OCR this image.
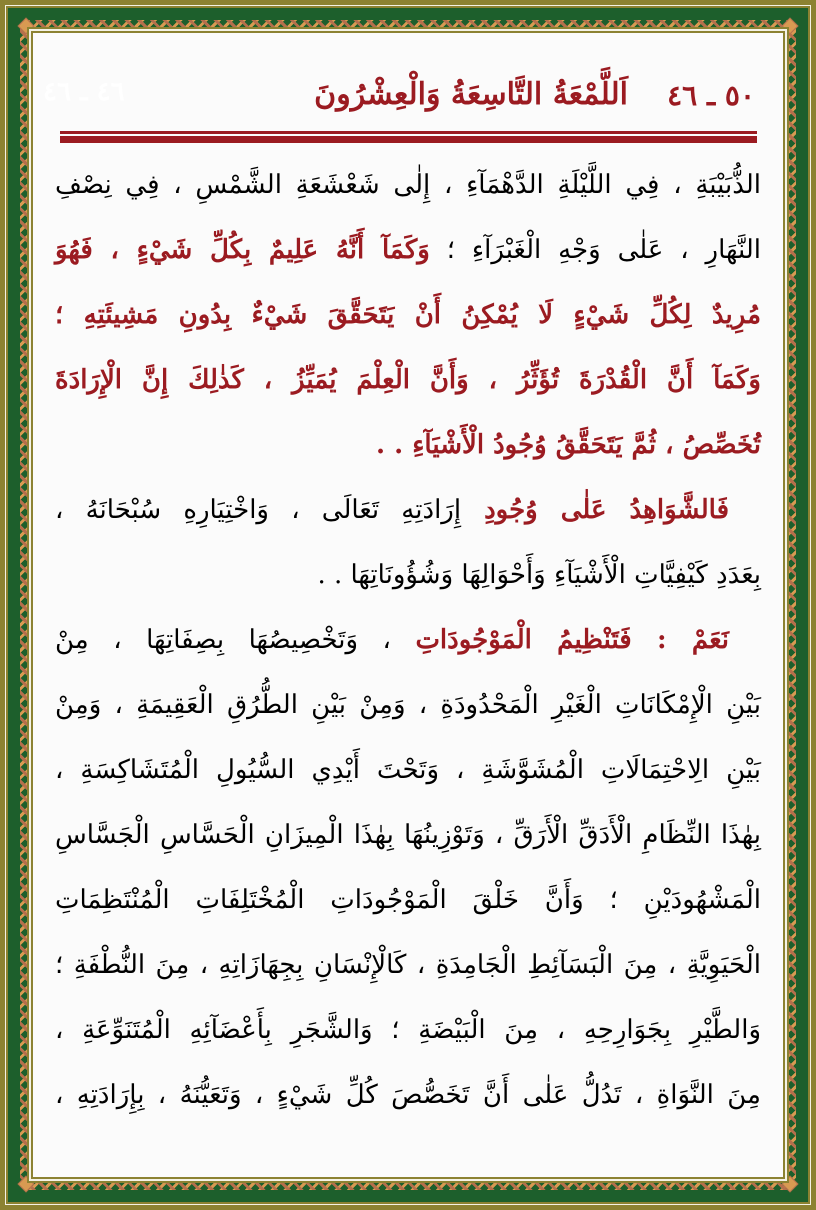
٤٦ ـ ٤٦	اَللَّمْعَةُ التَّاسِعَةُ وَالْعِشْرُونَ ٥٠ ـ ٤٦
الذُّبَيْبَةِ ، فِي اللَّيْلَةِ الدَّهْمَآءِ ، إِلٰى شَعْشَعَةِ الشَّمْسِ ، فِي نِصْفِ
النَّهَارِ ، عَلٰى وَجْهِ الْغَبْرَآءِ ؛ وَكَمَآ أَنَّهُ عَلِيمٌ بِكُلِّ شَيْءٍ ، فَهُوَ
مُرِيدٌ لِكُلِّ شَيْءٍ لَا يُمْكِنُ أَنْ يَتَحَقَّقَ شَيْءٌ بِدُونِ مَشِيئَتِهِ ؛
وَكَمَآ أَنَّ الْقُدْرَةَ تُؤَثِّرُ ، وَأَنَّ الْعِلْمَ يُمَيِّزُ ، كَذٰلِكَ إِنَّ الْإِرَادَةَ
تُخَصِّصُ ، ثُمَّ يَتَحَقَّقُ وُجُودُ الْأَشْيَآءِ . .
فَالشَّوَاهِدُ عَلٰى وُجُودِ إِرَادَتِهِ تَعَالَى ، وَاخْتِيَارِهِ سُبْحَانَهُ ،
بِعَدَدِ كَيْفِيَّاتِ الْأَشْيَآءِ وَأَحْوَالِهَا وَشُؤُونَاتِهَا . .
نَعَمْ : فَتَنْظِيمُ الْمَوْجُودَاتِ ، وَتَخْصِيصُهَا بِصِفَاتِهَا ، مِنْ
بَيْنِ الْإِمْكَانَاتِ الْغَيْرِ الْمَحْدُودَةِ ، وَمِنْ بَيْنِ الطُّرُقِ الْعَقِيمَةِ ، وَمِنْ
بَيْنِ الِاحْتِمَالَاتِ الْمُشَوَّشَةِ ، وَتَحْتَ أَيْدِي السُّيُولِ الْمُتَشَاكِسَةِ ،
بِهٰذَا النِّظَامِ الْأَدَقِّ الْأَرَقِّ ، وَتَوْزِينُهَا بِهٰذَا الْمِيزَانِ الْحَسَّاسِ الْجَسَّاسِ
الْمَشْهُودَيْنِ ؛ وَأَنَّ خَلْقَ الْمَوْجُودَاتِ الْمُخْتَلِفَاتِ الْمُنْتَظِمَاتِ
الْحَيَوِيَّةِ ، مِنَ الْبَسَآئِطِ الْجَامِدَةِ ، كَالْإِنْسَانِ بِجِهَازَاتِهِ ، مِنَ النُّطْفَةِ ؛
وَالطَّيْرِ بِجَوَارِحِهِ ، مِنَ الْبَيْضَةِ ؛ وَالشَّجَرِ بِأَعْضَآئِهِ الْمُتَنَوِّعَةِ ،
مِنَ النَّوَاةِ ، تَدُلُّ عَلٰى أَنَّ تَخَصُّصَ كُلِّ شَيْءٍ ، وَتَعَيُّنَهُ ، بِإِرَادَتِهِ ،
